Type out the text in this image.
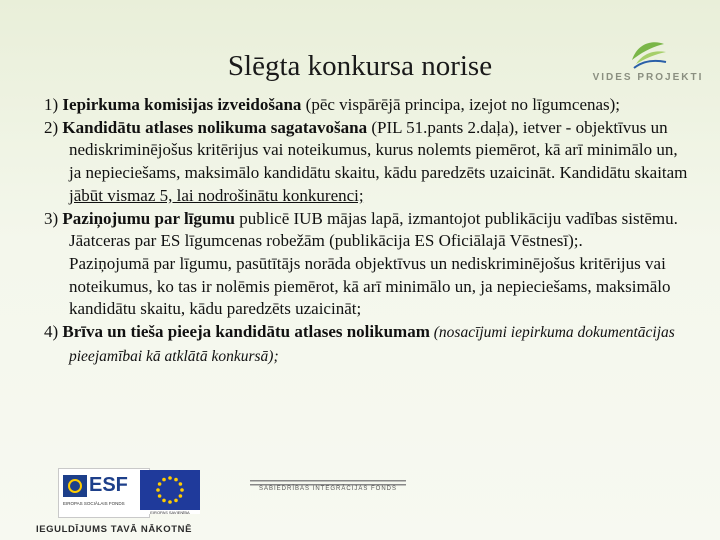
Slēgta konkursa norise	VIDES PROJEKTI

1) Iepirkuma komisijas izveidošana (pēc vispārējā principa, izejot no līgumcenas);

2) Kandidātu atlases nolikuma sagatavošana (PIL 51.pants 2.daļa), ietver - objektīvus un nediskriminējošus kritērijus vai noteikumus, kurus nolemts piemērot, kā arī minimālo un, ja nepieciešams, maksimālo kandidātu skaitu, kādu paredzēts uzaicināt. Kandidātu skaitam jābūt vismaz 5, lai nodrošinātu konkurenci;

3) Paziņojumu par līgumu publicē IUB mājas lapā, izmantojot publikāciju vadības sistēmu. Jāatceras par ES līgumcenas robežām (publikācija ES Oficiālajā Vēstnesī);.

Paziņojumā par līgumu, pasūtītājs norāda objektīvus un nediskriminējošus kritērijus vai noteikumus, ko tas ir nolēmis piemērot, kā arī minimālo un, ja nepieciešams, maksimālo kandidātu skaitu, kādu paredzēts uzaicināt;

4) Brīva un tieša pieeja kandidātu atlases nolikumam (nosacījumi iepirkuma dokumentācijas pieejamībai kā atklātā konkursā);

ESF
EIROPAS SOCIĀLAIS FONDS
EIROPAS SAVIENĪBA
SABIEDRĪBAS INTEGRĀCIJAS FONDS
IEGULDĪJUMS TAVĀ NĀKOTNĒ
